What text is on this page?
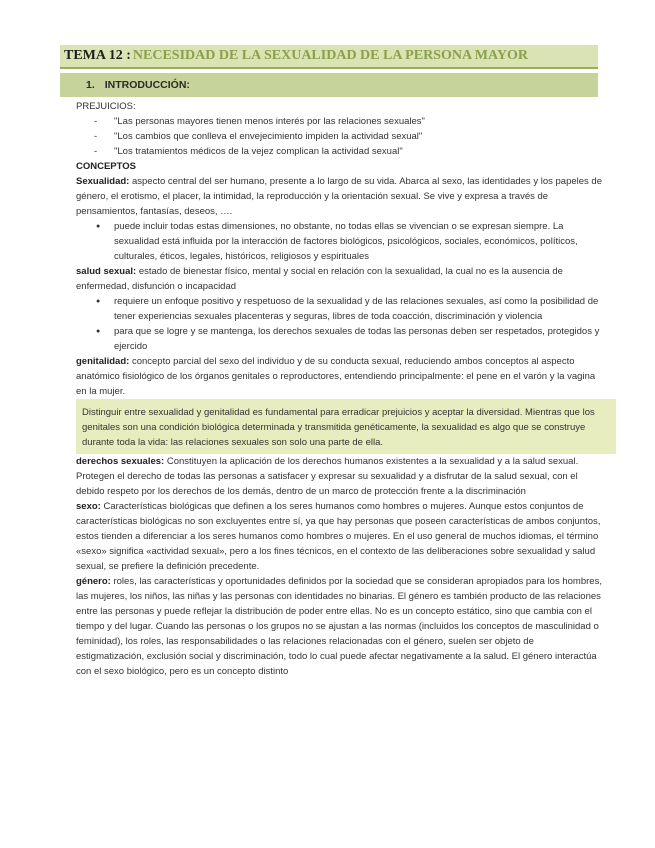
TEMA 12 : NECESIDAD DE LA SEXUALIDAD DE LA PERSONA MAYOR
1. INTRODUCCIÓN:

PREJUICIOS:

- "Las personas mayores tienen menos interés por las relaciones sexuales"
- "Los cambios que conlleva el envejecimiento impiden la actividad sexual"
- "Los tratamientos médicos de la vejez complican la actividad sexual"

CONCEPTOS

Sexualidad: aspecto central del ser humano, presente a lo largo de su vida. Abarca al sexo, las identidades y los papeles de género, el erotismo, el placer, la intimidad, la reproducción y la orientación sexual. Se vive y expresa a través de pensamientos, fantasías, deseos, ….

● puede incluir todas estas dimensiones, no obstante, no todas ellas se vivencian o se expresan siempre. La sexualidad está influida por la interacción de factores biológicos, psicológicos, sociales, económicos, políticos, culturales, éticos, legales, históricos, religiosos y espirituales

salud sexual: estado de bienestar físico, mental y social en relación con la sexualidad, la cual no es la ausencia de enfermedad, disfunción o incapacidad

● requiere un enfoque positivo y respetuoso de la sexualidad y de las relaciones sexuales, así como la posibilidad de tener experiencias sexuales placenteras y seguras, libres de toda coacción, discriminación y violencia
● para que se logre y se mantenga, los derechos sexuales de todas las personas deben ser respetados, protegidos y ejercido

genitalidad: concepto parcial del sexo del individuo y de su conducta sexual, reduciendo ambos conceptos al aspecto anatómico fisiológico de los órganos genitales o reproductores, entendiendo principalmente: el pene en el varón y la vagina en la mujer.

Distinguir entre sexualidad y genitalidad es fundamental para erradicar prejuicios y aceptar la diversidad. Mientras que los genitales son una condición biológica determinada y transmitida genéticamente, la sexualidad es algo que se construye durante toda la vida: las relaciones sexuales son solo una parte de ella.

derechos sexuales: Constituyen la aplicación de los derechos humanos existentes a la sexualidad y a la salud sexual. Protegen el derecho de todas las personas a satisfacer y expresar su sexualidad y a disfrutar de la salud sexual, con el debido respeto por los derechos de los demás, dentro de un marco de protección frente a la discriminación

sexo: Características biológicas que definen a los seres humanos como hombres o mujeres. Aunque estos conjuntos de características biológicas no son excluyentes entre sí, ya que hay personas que poseen características de ambos conjuntos, estos tienden a diferenciar a los seres humanos como hombres o mujeres. En el uso general de muchos idiomas, el término «sexo» significa «actividad sexual», pero a los fines técnicos, en el contexto de las deliberaciones sobre sexualidad y salud sexual, se prefiere la definición precedente.

género: roles, las características y oportunidades definidos por la sociedad que se consideran apropiados para los hombres, las mujeres, los niños, las niñas y las personas con identidades no binarias. El género es también producto de las relaciones entre las personas y puede reflejar la distribución de poder entre ellas. No es un concepto estático, sino que cambia con el tiempo y del lugar. Cuando las personas o los grupos no se ajustan a las normas (incluidos los conceptos de masculinidad o feminidad), los roles, las responsabilidades o las relaciones relacionadas con el género, suelen ser objeto de estigmatización, exclusión social y discriminación, todo lo cual puede afectar negativamente a la salud. El género interactúa con el sexo biológico, pero es un concepto distinto
